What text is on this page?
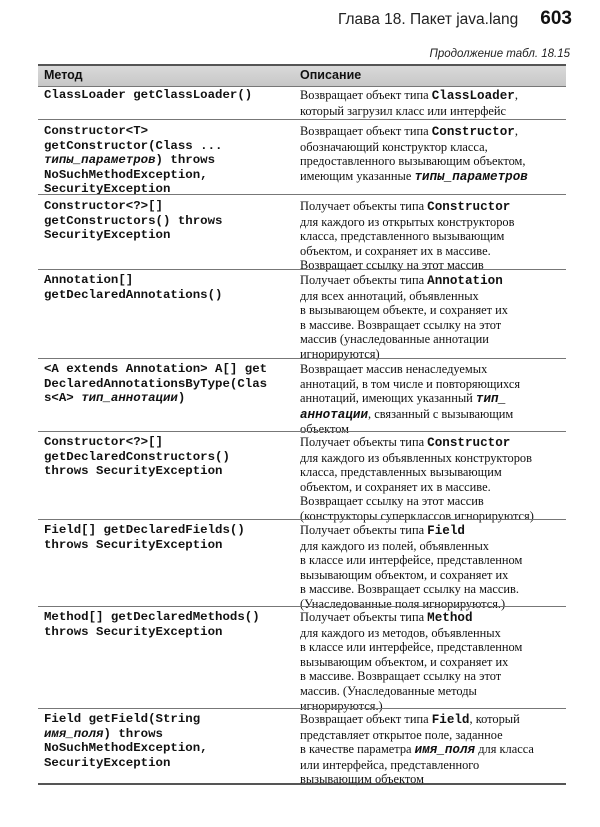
Глава 18. Пакет java.lang 603
Продолжение табл. 18.15
Метод	Описание
ClassLoader getClassLoader()	Возвращает объект типа ClassLoader,
который загрузил класс или интерфейс
Constructor<T>
getConstructor(Class ...
типы_параметров) throws
NoSuchMethodException,
SecurityException
Возвращает объект типа Constructor,
обозначающий конструктор класса,
предоставленного вызывающим объектом,
имеющим указанные типы_параметров
Constructor<?>[]
getConstructors() throws
SecurityException
Получает объекты типа Constructor
для каждого из открытых конструкторов
класса, представленного вызывающим
объектом, и сохраняет их в массиве.
Возвращает ссылку на этот массив
Annotation[]
getDeclaredAnnotations()
Получает объекты типа Annotation
для всех аннотаций, объявленных
в вызывающем объекте, и сохраняет их
в массиве. Возвращает ссылку на этот
массив (унаследованные аннотации
игнорируются)
<A extends Annotation> A[] get
DeclaredAnnotationsByType(Clas
s<A> тип_аннотации)
Возвращает массив ненаследуемых
аннотаций, в том числе и повторяющихся
аннотаций, имеющих указанный тип_
аннотации, связанный с вызывающим
объектом
Constructor<?>[]
getDeclaredConstructors()
throws SecurityException
Получает объекты типа Constructor
для каждого из объявленных конструкторов
класса, представленных вызывающим
объектом, и сохраняет их в массиве.
Возвращает ссылку на этот массив
(конструкторы суперклассов игнорируются)
Field[] getDeclaredFields()
throws SecurityException
Получает объекты типа Field
для каждого из полей, объявленных
в классе или интерфейсе, представленном
вызывающим объектом, и сохраняет их
в массиве. Возвращает ссылку на массив.
(Унаследованные поля игнорируются.)
Method[] getDeclaredMethods()
throws SecurityException
Получает объекты типа Method
для каждого из методов, объявленных
в классе или интерфейсе, представленном
вызывающим объектом, и сохраняет их
в массиве. Возвращает ссылку на этот
массив. (Унаследованные методы
игнорируются.)
Field getField(String
имя_поля) throws
NoSuchMethodException,
SecurityException
Возвращает объект типа Field, который
представляет открытое поле, заданное
в качестве параметра имя_поля для класса
или интерфейса, представленного
вызывающим объектом
